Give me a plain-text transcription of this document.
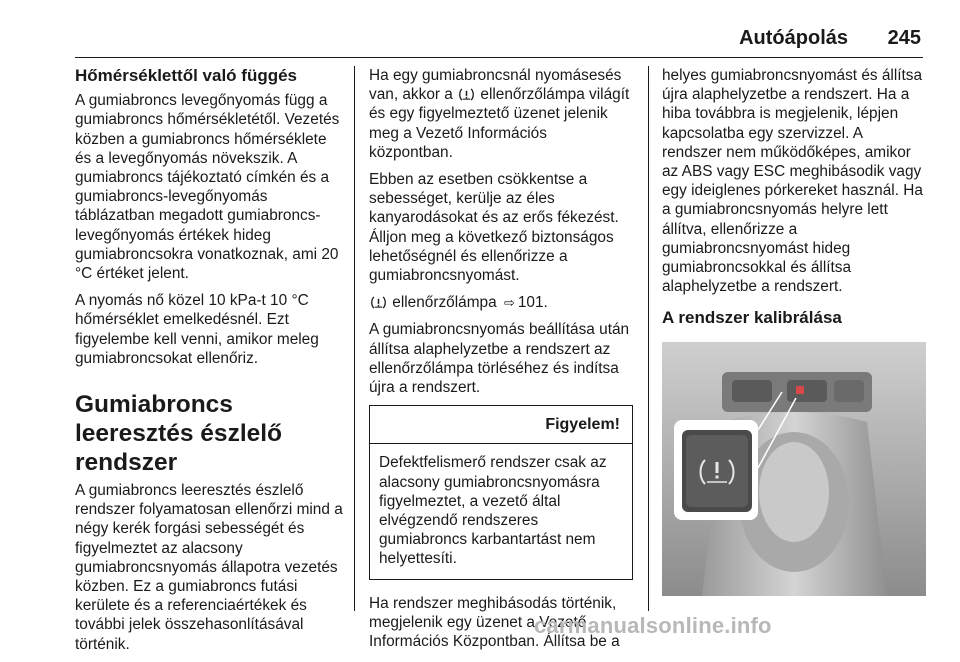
Autóápolás 245
Hőmérséklettől való függés

A gumiabroncs levegőnyomás függ a gumiabroncs hőmérsékletétől. Vezetés közben a gumiabroncs hőmérséklete és a levegőnyomás növekszik. A gumiabroncs tájékoztató címkén és a gumiabroncs-levegőnyomás táblázatban megadott gumiabroncs-levegőnyomás értékek hideg gumiabroncsokra vonatkoznak, ami 20 °C értéket jelent.

A nyomás nő közel 10 kPa-t 10 °C hőmérséklet emelkedésnél. Ezt figyelembe kell venni, amikor meleg gumiabroncsokat ellenőriz.

Gumiabroncs leeresztés észlelő rendszer

A gumiabroncs leeresztés észlelő rendszer folyamatosan ellenőrzi mind a négy kerék forgási sebességét és figyelmeztet az alacsony gumiabroncsnyomás állapotra vezetés közben. Ez a gumiabroncs futási kerülete és a referenciaértékek és további jelek összehasonlításával történik.

Ha egy gumiabroncsnál nyomásesés van, akkor a ellenőrzőlámpa világít és egy figyelmeztető üzenet jelenik meg a Vezető Információs központban.

Ebben az esetben csökkentse a sebességet, kerülje az éles kanyarodásokat és az erős fékezést. Álljon meg a következő biztonságos lehetőségnél és ellenőrizze a gumiabroncsnyomást.

ellenőrzőlámpa ⇨ 101.

A gumiabroncsnyomás beállítása után állítsa alaphelyzetbe a rendszert az ellenőrzőlámpa törléséhez és indítsa újra a rendszert.

Figyelem!
Defektfelismerő rendszer csak az alacsony gumiabroncsnyomásra figyelmeztet, a vezető által elvégzendő rendszeres gumiabroncs karbantartást nem helyettesíti.

Ha rendszer meghibásodás történik, megjelenik egy üzenet a Vezető Információs Központban. Állítsa be a

helyes gumiabroncsnyomást és állítsa újra alaphelyzetbe a rendszert. Ha a hiba továbbra is megjelenik, lépjen kapcsolatba egy szervizzel. A rendszer nem működőképes, amikor az ABS vagy ESC meghibásodik vagy egy ideiglenes pórkereket használ. Ha a gumiabroncsnyomás helyre lett állítva, ellenőrizze a gumiabroncsnyomást hideg gumiabroncsokkal és állítsa alaphelyzetbe a rendszert.

A rendszer kalibrálása
carmanualsonline.info
